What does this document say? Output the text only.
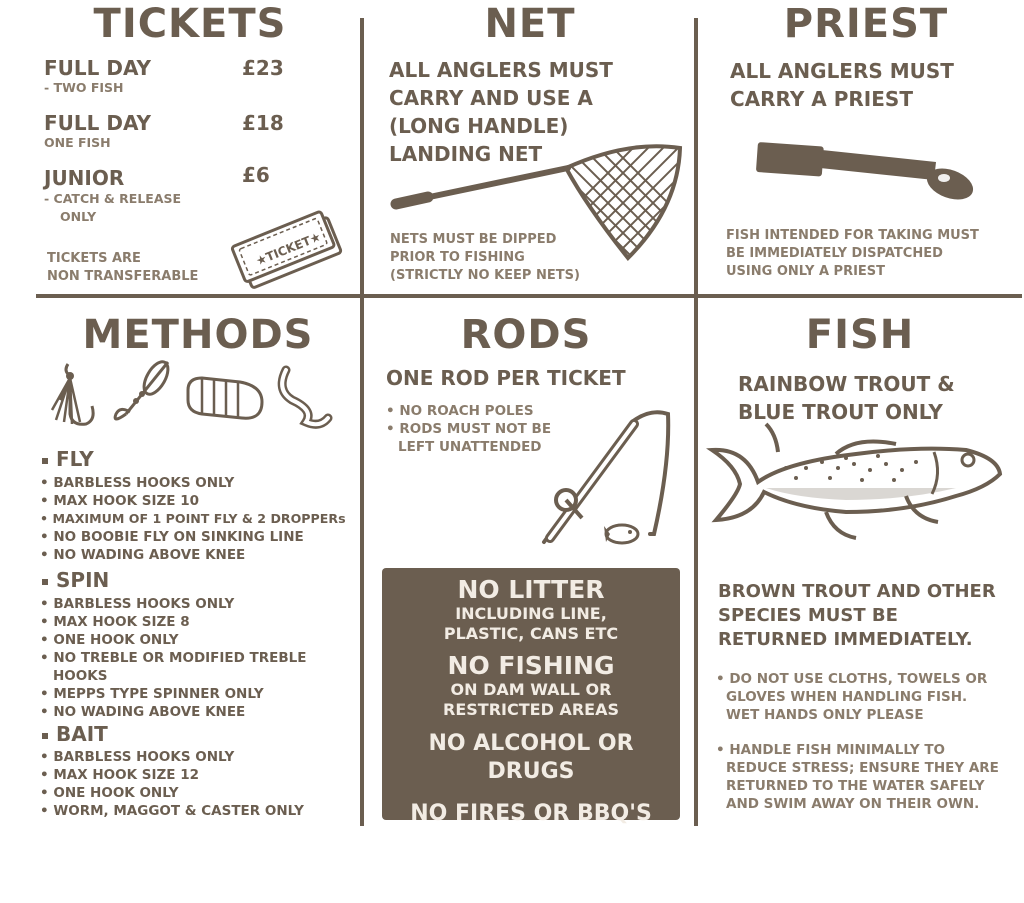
TICKETS
FULL DAY	£23
- TWO FISH
FULL DAY	£18
ONE FISH
JUNIOR	£6
- CATCH & RELEASE
ONLY
TICKETS ARE
NON TRANSFERABLE
★TICKET★
NET
ALL ANGLERS MUST
CARRY AND USE A
(LONG HANDLE)
LANDING NET
NETS MUST BE DIPPED
PRIOR TO FISHING
(STRICTLY NO KEEP NETS)
PRIEST
ALL ANGLERS MUST
CARRY A PRIEST
FISH INTENDED FOR TAKING MUST
BE IMMEDIATELY DISPATCHED
USING ONLY A PRIEST
METHODS
FLY
• BARBLESS HOOKS ONLY
• MAX HOOK SIZE 10
• MAXIMUM OF 1 POINT FLY & 2 DROPPERs
• NO BOOBIE FLY ON SINKING LINE
• NO WADING ABOVE KNEE
SPIN
• BARBLESS HOOKS ONLY
• MAX HOOK SIZE 8
• ONE HOOK ONLY
• NO TREBLE OR MODIFIED TREBLE
HOOKS
• MEPPS TYPE SPINNER ONLY
• NO WADING ABOVE KNEE
BAIT
• BARBLESS HOOKS ONLY
• MAX HOOK SIZE 12
• ONE HOOK ONLY
• WORM, MAGGOT & CASTER ONLY
RODS
ONE ROD PER TICKET
• NO ROACH POLES
• RODS MUST NOT BE
LEFT UNATTENDED
NO LITTER
INCLUDING LINE,
PLASTIC, CANS ETC
NO FISHING
ON DAM WALL OR
RESTRICTED AREAS
NO ALCOHOL OR DRUGS
NO FIRES OR BBQ'S
FISH
RAINBOW TROUT &
BLUE TROUT ONLY
BROWN TROUT AND OTHER
SPECIES MUST BE
RETURNED IMMEDIATELY.
• DO NOT USE CLOTHS, TOWELS OR
GLOVES WHEN HANDLING FISH.
WET HANDS ONLY PLEASE
• HANDLE FISH MINIMALLY TO
REDUCE STRESS; ENSURE THEY ARE
RETURNED TO THE WATER SAFELY
AND SWIM AWAY ON THEIR OWN.
